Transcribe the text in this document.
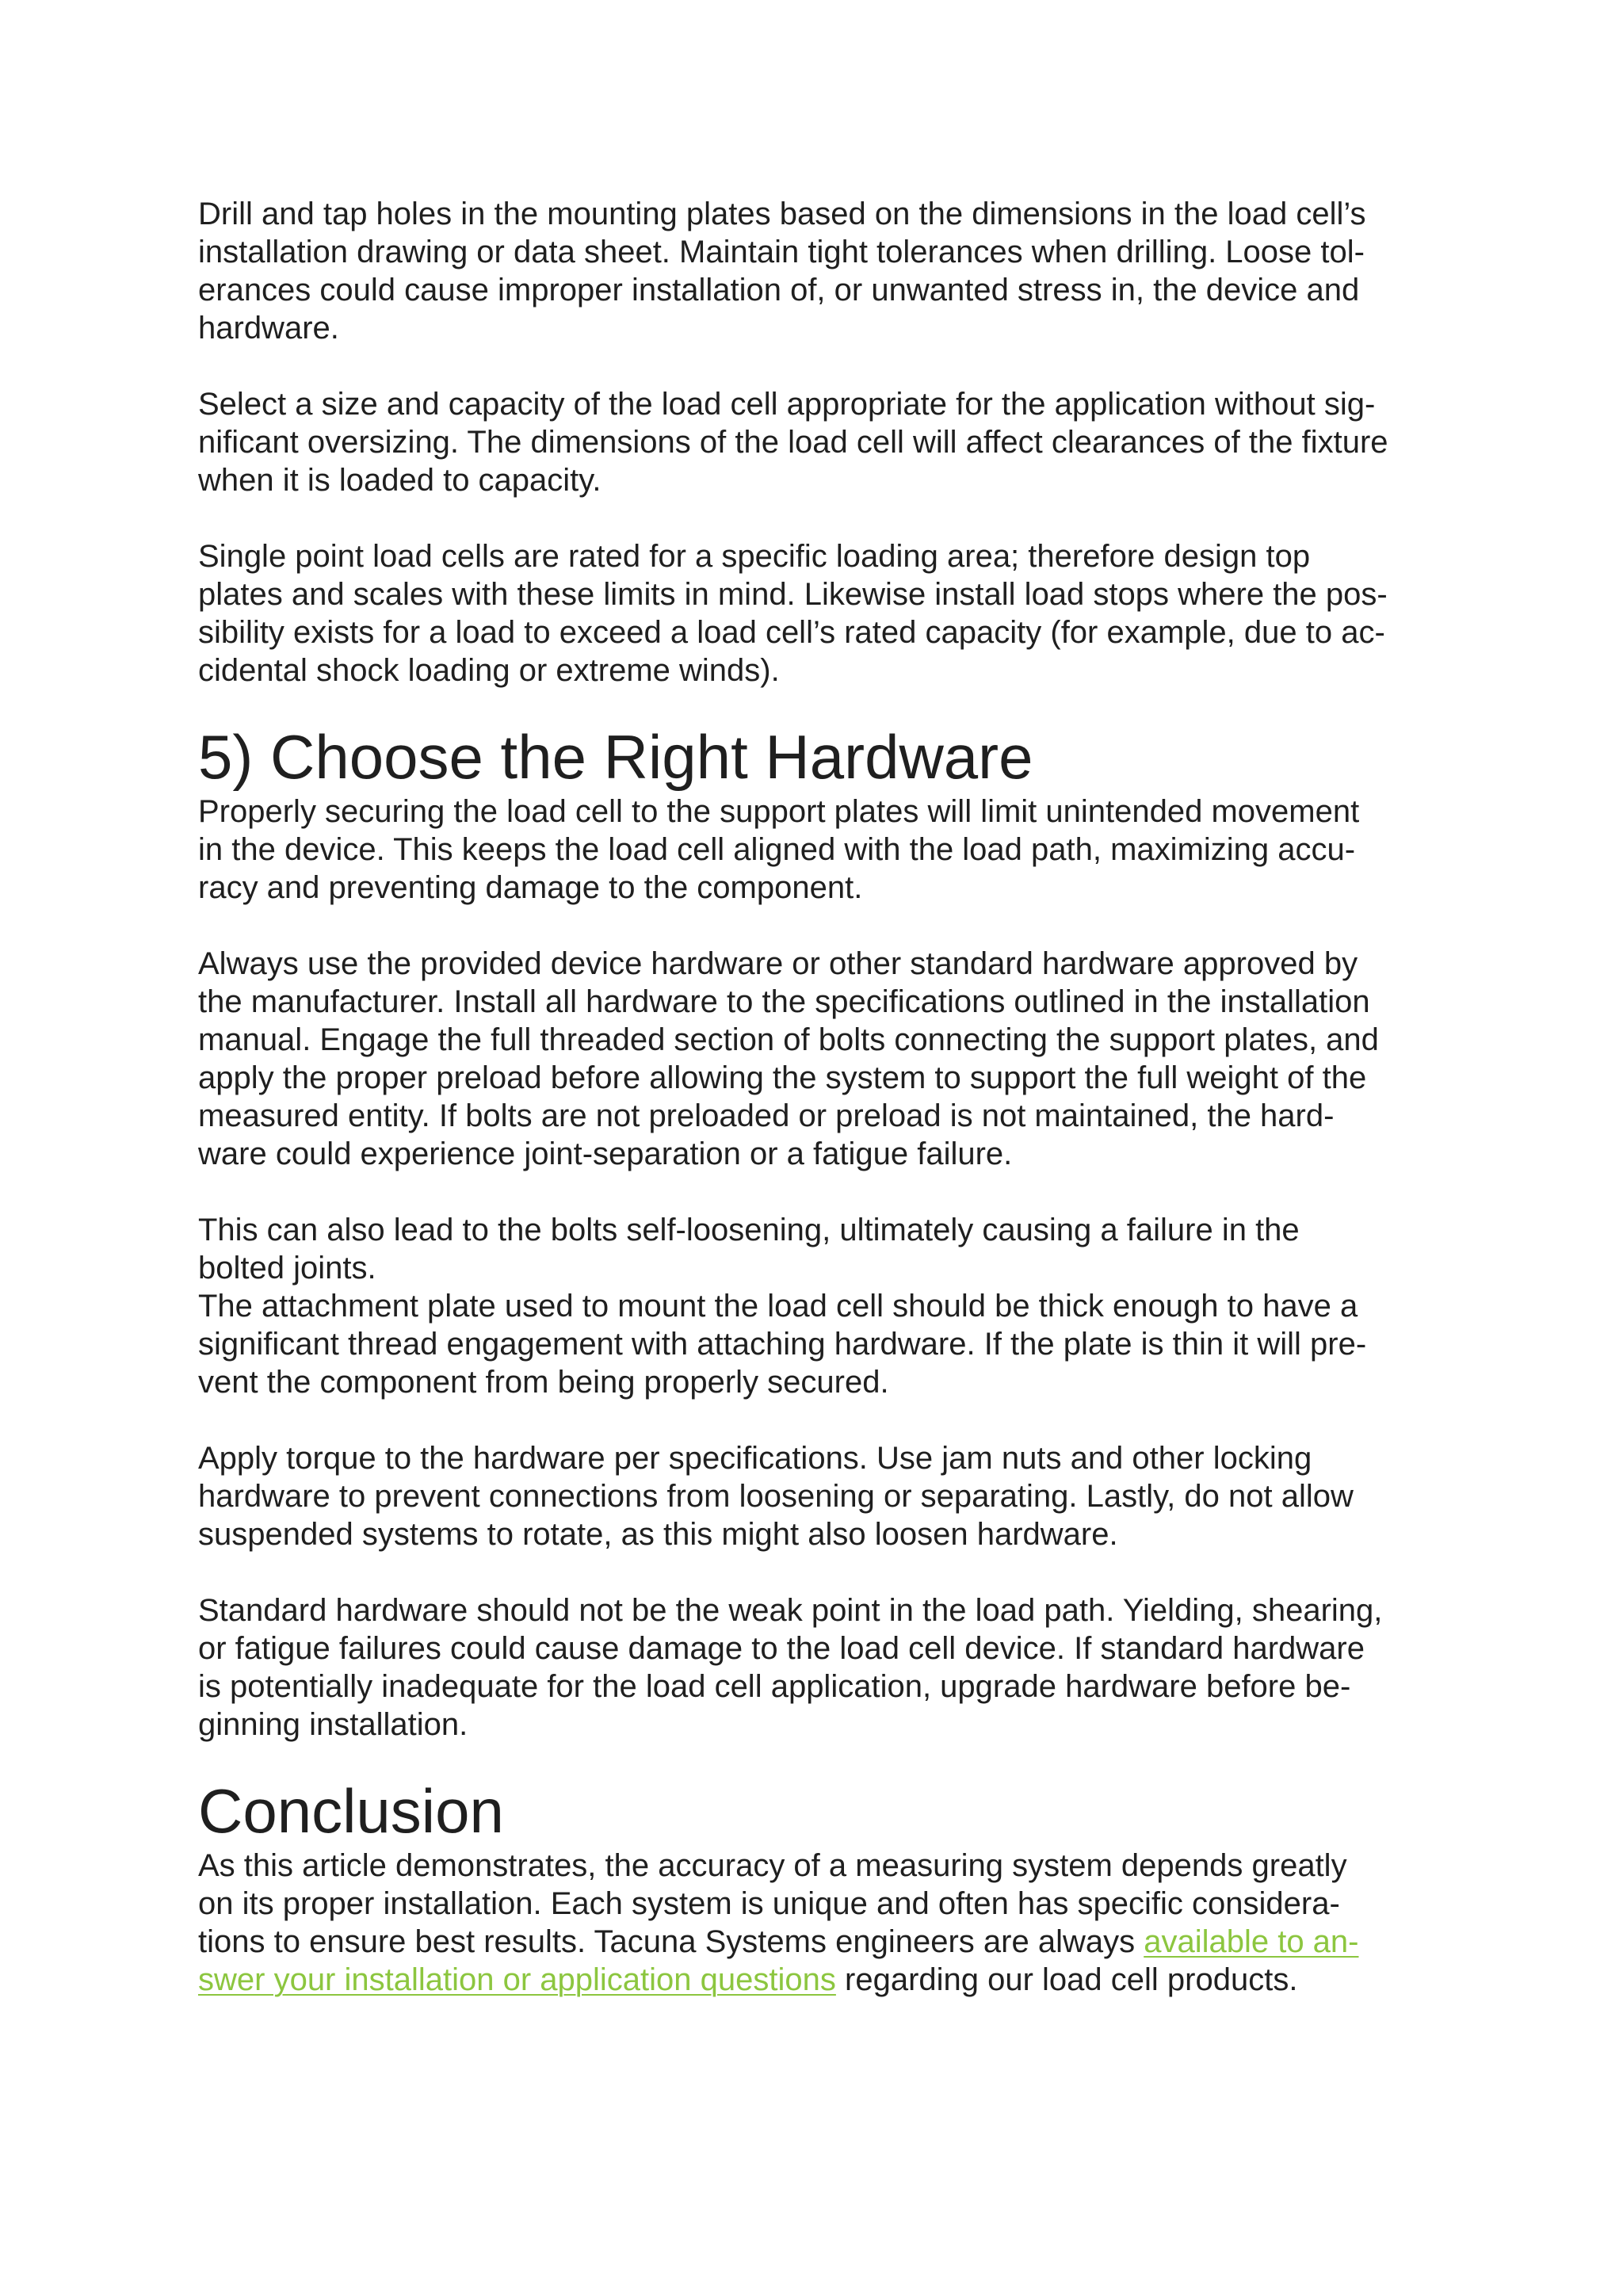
Drill and tap holes in the mounting plates based on the dimensions in the load cell’s
installation drawing or data sheet. Maintain tight tolerances when drilling. Loose tol-
erances could cause improper installation of, or unwanted stress in, the device and
hardware.
Select a size and capacity of the load cell appropriate for the application without sig-
nificant oversizing. The dimensions of the load cell will affect clearances of the fixture
when it is loaded to capacity.
Single point load cells are rated for a specific loading area; therefore design top
plates and scales with these limits in mind. Likewise install load stops where the pos-
sibility exists for a load to exceed a load cell’s rated capacity (for example, due to ac-
cidental shock loading or extreme winds).
5) Choose the Right Hardware
Properly securing the load cell to the support plates will limit unintended movement
in the device. This keeps the load cell aligned with the load path, maximizing accu-
racy and preventing damage to the component.
Always use the provided device hardware or other standard hardware approved by
the manufacturer. Install all hardware to the specifications outlined in the installation
manual. Engage the full threaded section of bolts connecting the support plates, and
apply the proper preload before allowing the system to support the full weight of the
measured entity. If bolts are not preloaded or preload is not maintained, the hard-
ware could experience joint-separation or a fatigue failure.
This can also lead to the bolts self-loosening, ultimately causing a failure in the
bolted joints.
The attachment plate used to mount the load cell should be thick enough to have a
significant thread engagement with attaching hardware. If the plate is thin it will pre-
vent the component from being properly secured.
Apply torque to the hardware per specifications. Use jam nuts and other locking
hardware to prevent connections from loosening or separating. Lastly, do not allow
suspended systems to rotate, as this might also loosen hardware.
Standard hardware should not be the weak point in the load path. Yielding, shearing,
or fatigue failures could cause damage to the load cell device. If standard hardware
is potentially inadequate for the load cell application, upgrade hardware before be-
ginning installation.
Conclusion
As this article demonstrates, the accuracy of a measuring system depends greatly
on its proper installation. Each system is unique and often has specific considera-
tions to ensure best results. Tacuna Systems engineers are always available to an-
swer your installation or application questions regarding our load cell products.
